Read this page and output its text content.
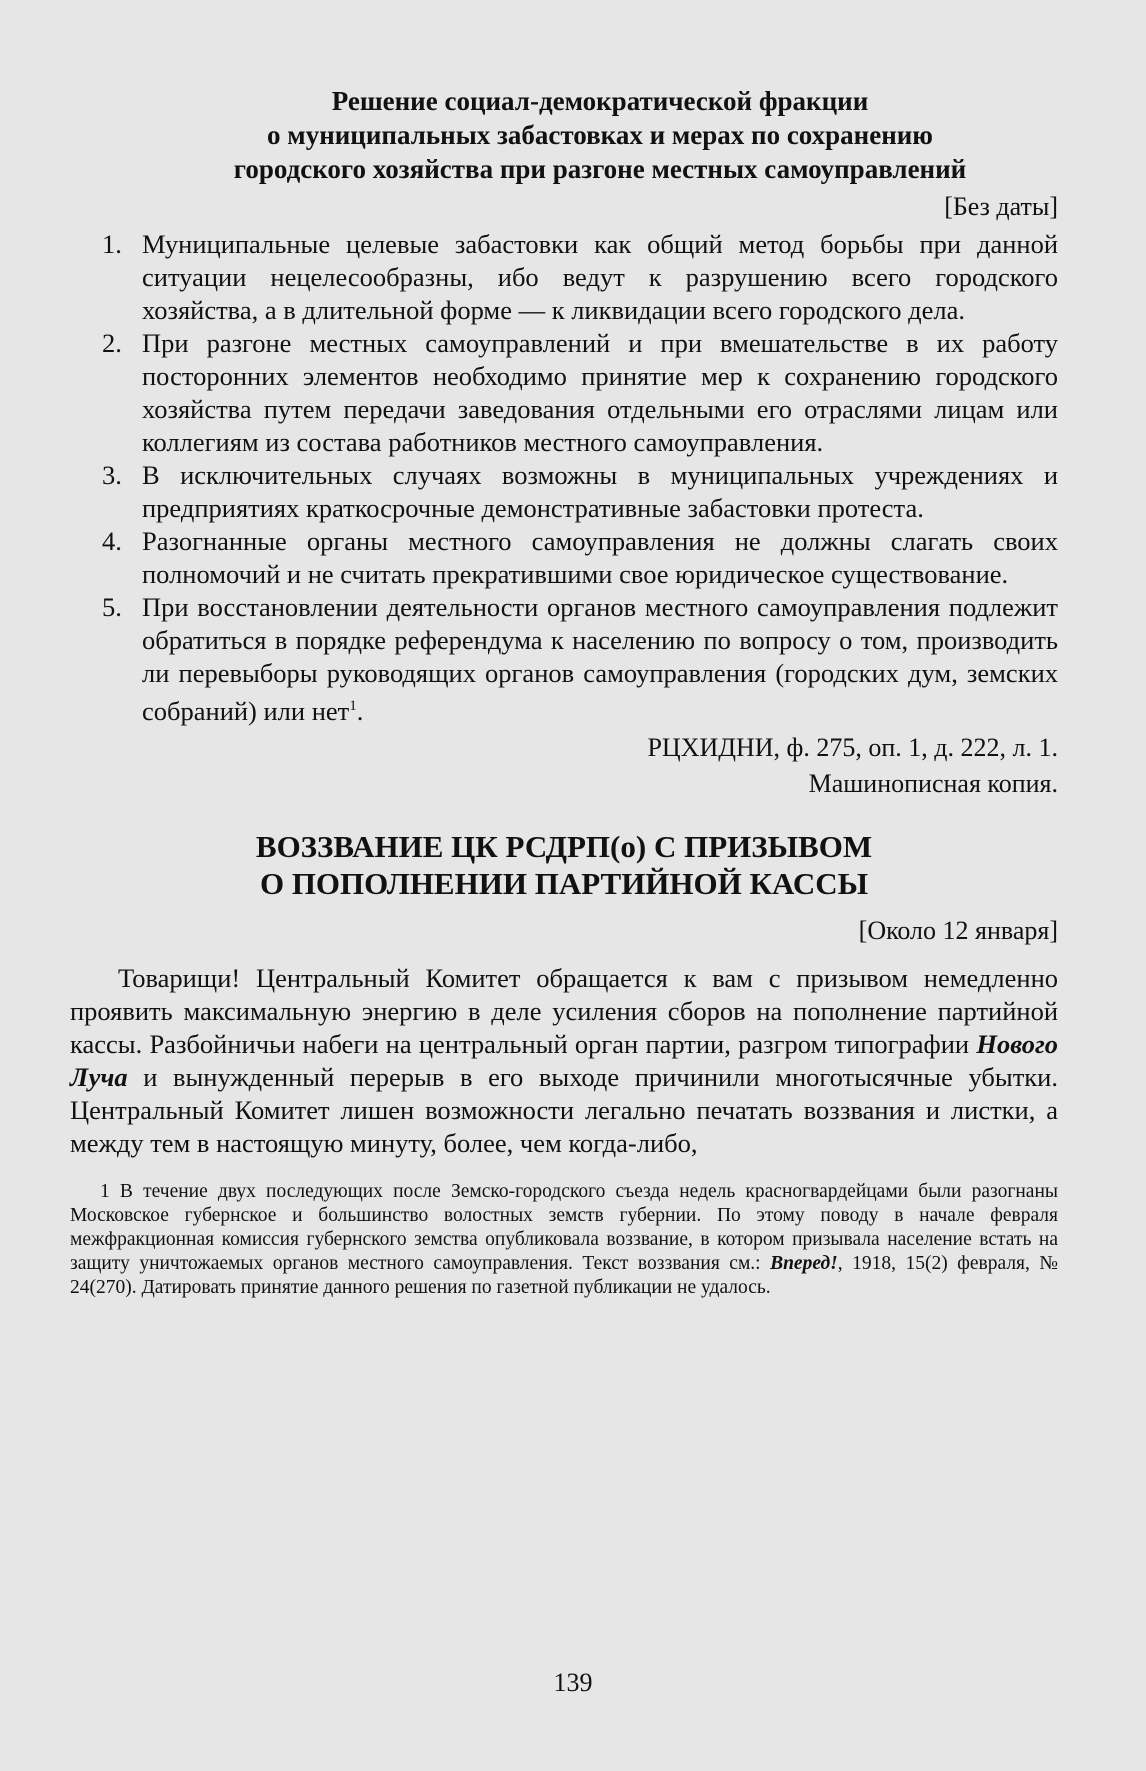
Решение социал-демократической фракции
о муниципальных забастовках и мерах по сохранению
городского хозяйства при разгоне местных самоуправлений
[Без даты]
1. Муниципальные целевые забастовки как общий метод борьбы при данной ситуации нецелесообразны, ибо ведут к разрушению всего городского хозяйства, а в длительной форме — к ликвидации всего городского дела.
2. При разгоне местных самоуправлений и при вмешательстве в их работу посторонних элементов необходимо принятие мер к сохранению городского хозяйства путем передачи заведования отдельными его отраслями лицам или коллегиям из состава работников местного самоуправления.
3. В исключительных случаях возможны в муниципальных учреждениях и предприятиях краткосрочные демонстративные забастовки протеста.
4. Разогнанные органы местного самоуправления не должны слагать своих полномочий и не считать прекратившими свое юридическое существование.
5. При восстановлении деятельности органов местного самоуправления подлежит обратиться в порядке референдума к населению по вопросу о том, производить ли перевыборы руководящих органов самоуправления (городских дум, земских собраний) или нет$^1$.
РЦХИДНИ, ф. 275, оп. 1, д. 222, л. 1.
Машинописная копия.
ВОЗЗВАНИЕ ЦК РСДРП(о) С ПРИЗЫВОМ
О ПОПОЛНЕНИИ ПАРТИЙНОЙ КАССЫ
[Около 12 января]

Товарищи! Центральный Комитет обращается к вам с призывом немедленно проявить максимальную энергию в деле усиления сборов на пополнение партийной кассы. Разбойничьи набеги на центральный орган партии, разгром типографии Нового Луча и вынужденный перерыв в его выходе причинили многотысячные убытки. Центральный Комитет лишен возможности легально печатать воззвания и листки, а между тем в настоящую минуту, более, чем когда-либо,

1 В течение двух последующих после Земско-городского съезда недель красногвардейцами были разогнаны Московское губернское и большинство волостных земств губернии. По этому поводу в начале февраля межфракционная комиссия губернского земства опубликовала воззвание, в котором призывала население встать на защиту уничтожаемых органов местного самоуправления. Текст воззвания см.: Вперед!, 1918, 15(2) февраля, № 24(270). Датировать принятие данного решения по газетной публикации не удалось.
139
